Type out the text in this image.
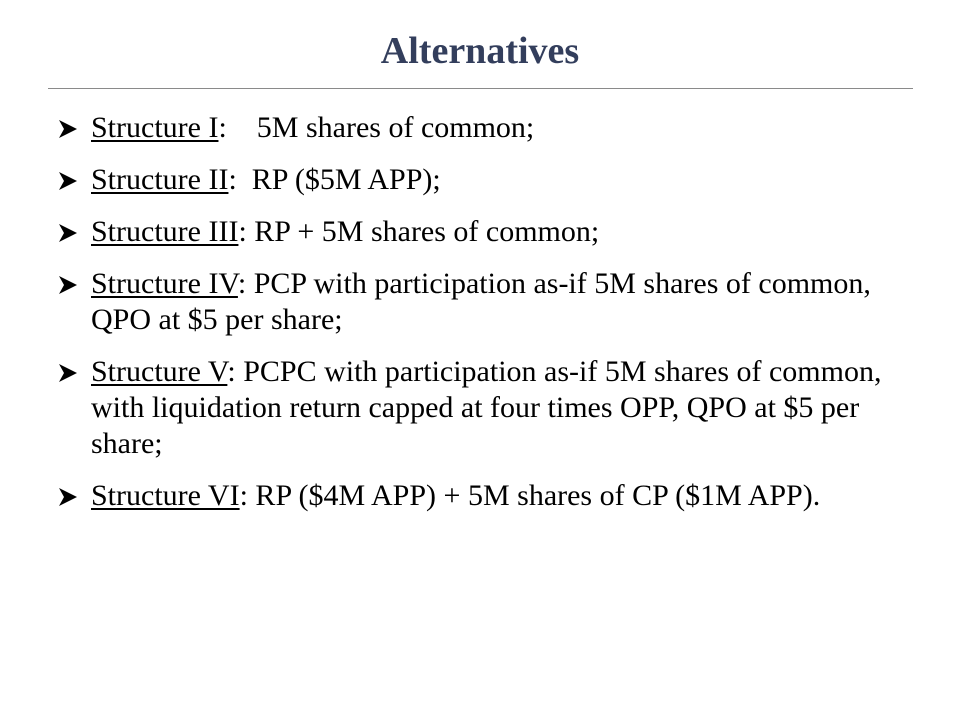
Alternatives
Structure I:    5M shares of common;
Structure II:  RP ($5M APP);
Structure III: RP + 5M shares of common;
Structure IV: PCP with participation as-if 5M shares of common, QPO at $5 per share;
Structure V: PCPC with participation as-if 5M shares of common, with liquidation return capped at four times OPP, QPO at $5 per share;
Structure VI: RP ($4M APP) + 5M shares of CP ($1M APP).
